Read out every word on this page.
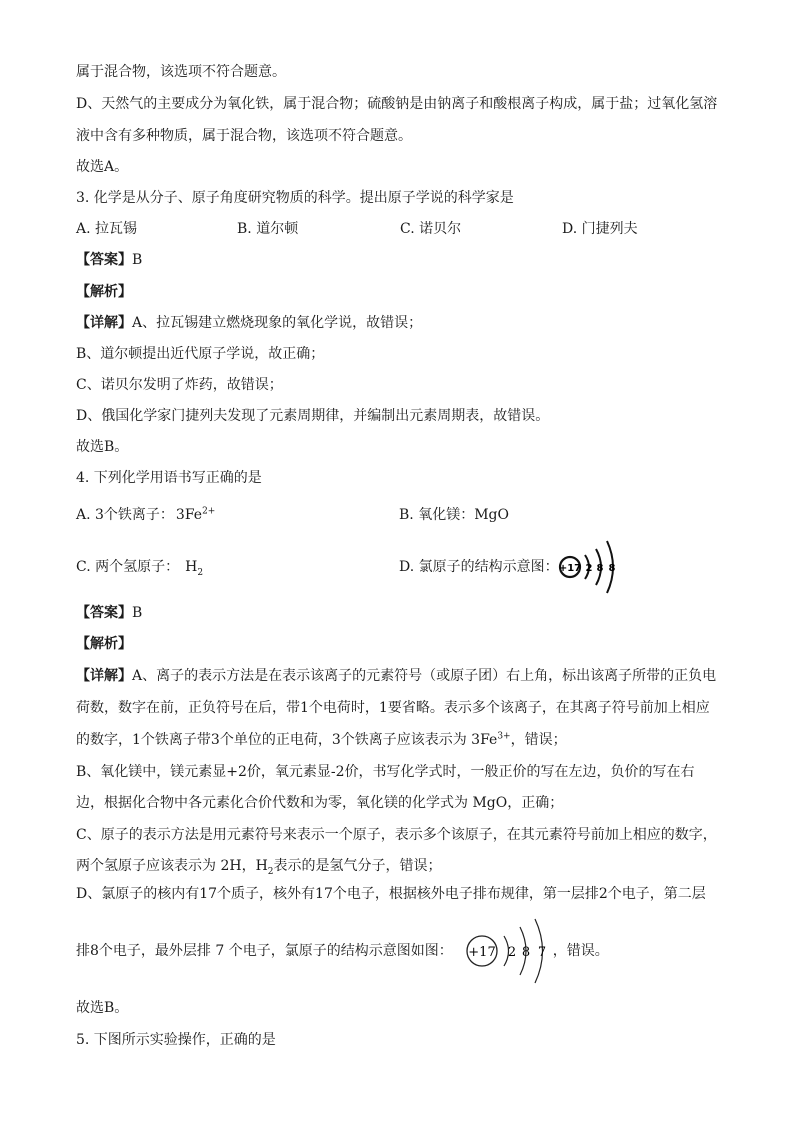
属于混合物，该选项不符合题意。
D、天然气的主要成分为氧化铁，属于混合物；硫酸钠是由钠离子和酸根离子构成，属于盐；过氧化氢溶
液中含有多种物质，属于混合物，该选项不符合题意。
故选A。
3. 化学是从分子、原子角度研究物质的科学。提出原子学说的科学家是
A. 拉瓦锡	B. 道尔顿	C. 诺贝尔	D. 门捷列夫
【答案】B
【解析】
【详解】A、拉瓦锡建立燃烧现象的氧化学说，故错误；
B、道尔顿提出近代原子学说，故正确；
C、诺贝尔发明了炸药，故错误；
D、俄国化学家门捷列夫发现了元素周期律，并编制出元素周期表，故错误。
故选B。
4. 下列化学用语书写正确的是
A. 3个铁离子： $3Fe^{2+}$	B. 氧化镁：MgO
C. 两个氢原子： $H_2$	D. 氯原子的结构示意图： +17 2 8 8
【答案】B
【解析】
【详解】A、离子的表示方法是在表示该离子的元素符号（或原子团）右上角，标出该离子所带的正负电
荷数，数字在前，正负符号在后，带1个电荷时，1要省略。表示多个该离子，在其离子符号前加上相应
的数字，1个铁离子带3个单位的正电荷，3个铁离子应该表示为 $3Fe^{3+}$，错误；
B、氧化镁中，镁元素显+2价，氧元素显-2价，书写化学式时，一般正价的写在左边，负价的写在右
边，根据化合物中各元素化合价代数和为零，氧化镁的化学式为 MgO，正确；
C、原子的表示方法是用元素符号来表示一个原子，表示多个该原子，在其元素符号前加上相应的数字，
两个氢原子应该表示为 2H，$H_2$表示的是氢气分子，错误；
D、氯原子的核内有17个质子，核外有17个电子，根据核外电子排布规律，第一层排2个电子，第二层
排8个电子，最外层排 7 个电子，氯原子的结构示意图如图：	，错误。
+17 2 8 7
故选B。
5. 下图所示实验操作，正确的是
